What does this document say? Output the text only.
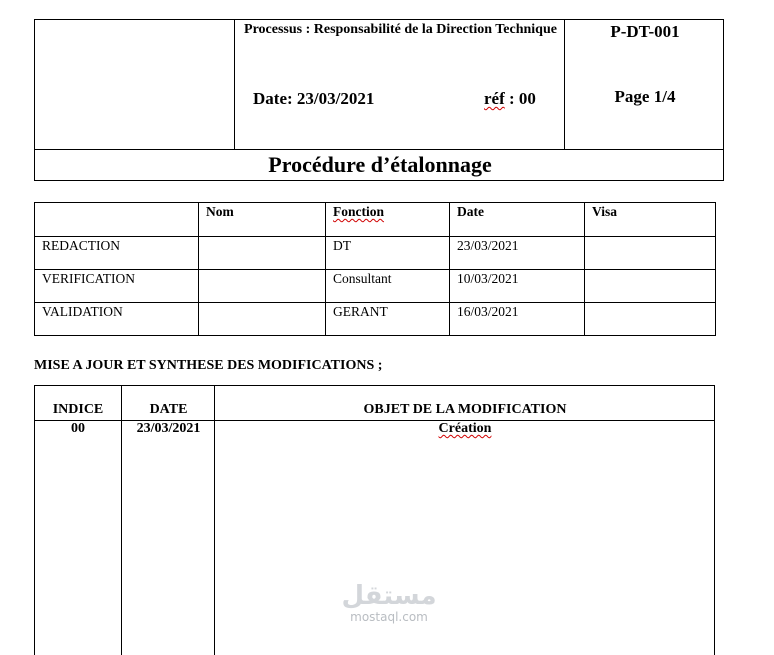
Processus : Responsabilité de la Direction Technique
Date: 23/03/2021	réf : 00
P-DT-001
Page 1/4
Procédure d’étalonnage
	Nom	Fonction	Date	Visa
REDACTION		DT	23/03/2021	
VERIFICATION		Consultant	10/03/2021	
VALIDATION		GERANT	16/03/2021	
MISE A JOUR ET SYNTHESE DES MODIFICATIONS ;
INDICE	DATE	OBJET DE LA MODIFICATION
00	23/03/2021	Création
مستقل
mostaql.com
